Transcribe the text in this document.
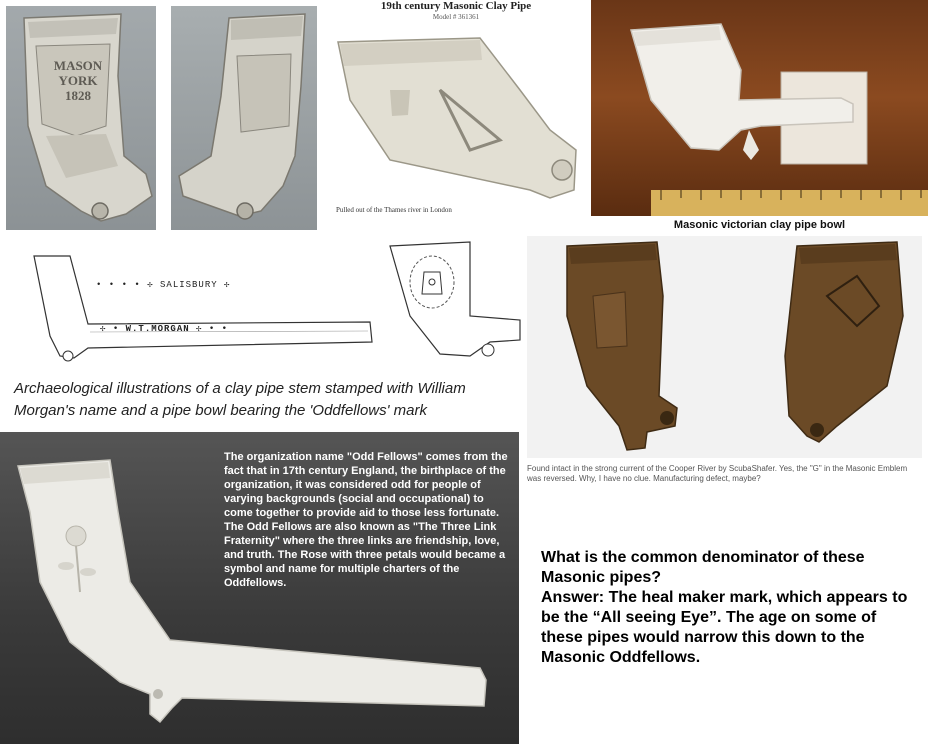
MASON
YORK
1828
19th century Masonic Clay Pipe
Model # 361361
Pulled out of the Thames river in London
Masonic victorian clay pipe bowl
• • • • ✢ SALISBURY ✢
✢ • W.T.MORGAN ✢ • •
Archaeological illustrations of a clay pipe stem stamped with William Morgan's name and a pipe bowl bearing the 'Oddfellows' mark
Found intact in the strong current of the Cooper River by ScubaShafer. Yes, the "G" in the Masonic Emblem was reversed. Why, I have no clue. Manufacturing defect, maybe?
The organization name "Odd Fellows" comes from the fact that in 17th century England, the birthplace of the organization, it was considered odd for people of varying backgrounds (social and occupational) to come together to provide aid to those less fortunate. The Odd Fellows are also known as "The Three Link Fraternity" where the three links are friendship, love, and truth. The Rose with three petals would became a symbol and name for multiple charters of the Oddfellows.
What is the common denominator of these Masonic pipes?
Answer: The heal maker mark, which appears to be the “All seeing Eye”. The age on some of these pipes would narrow this down to the Masonic Oddfellows.
